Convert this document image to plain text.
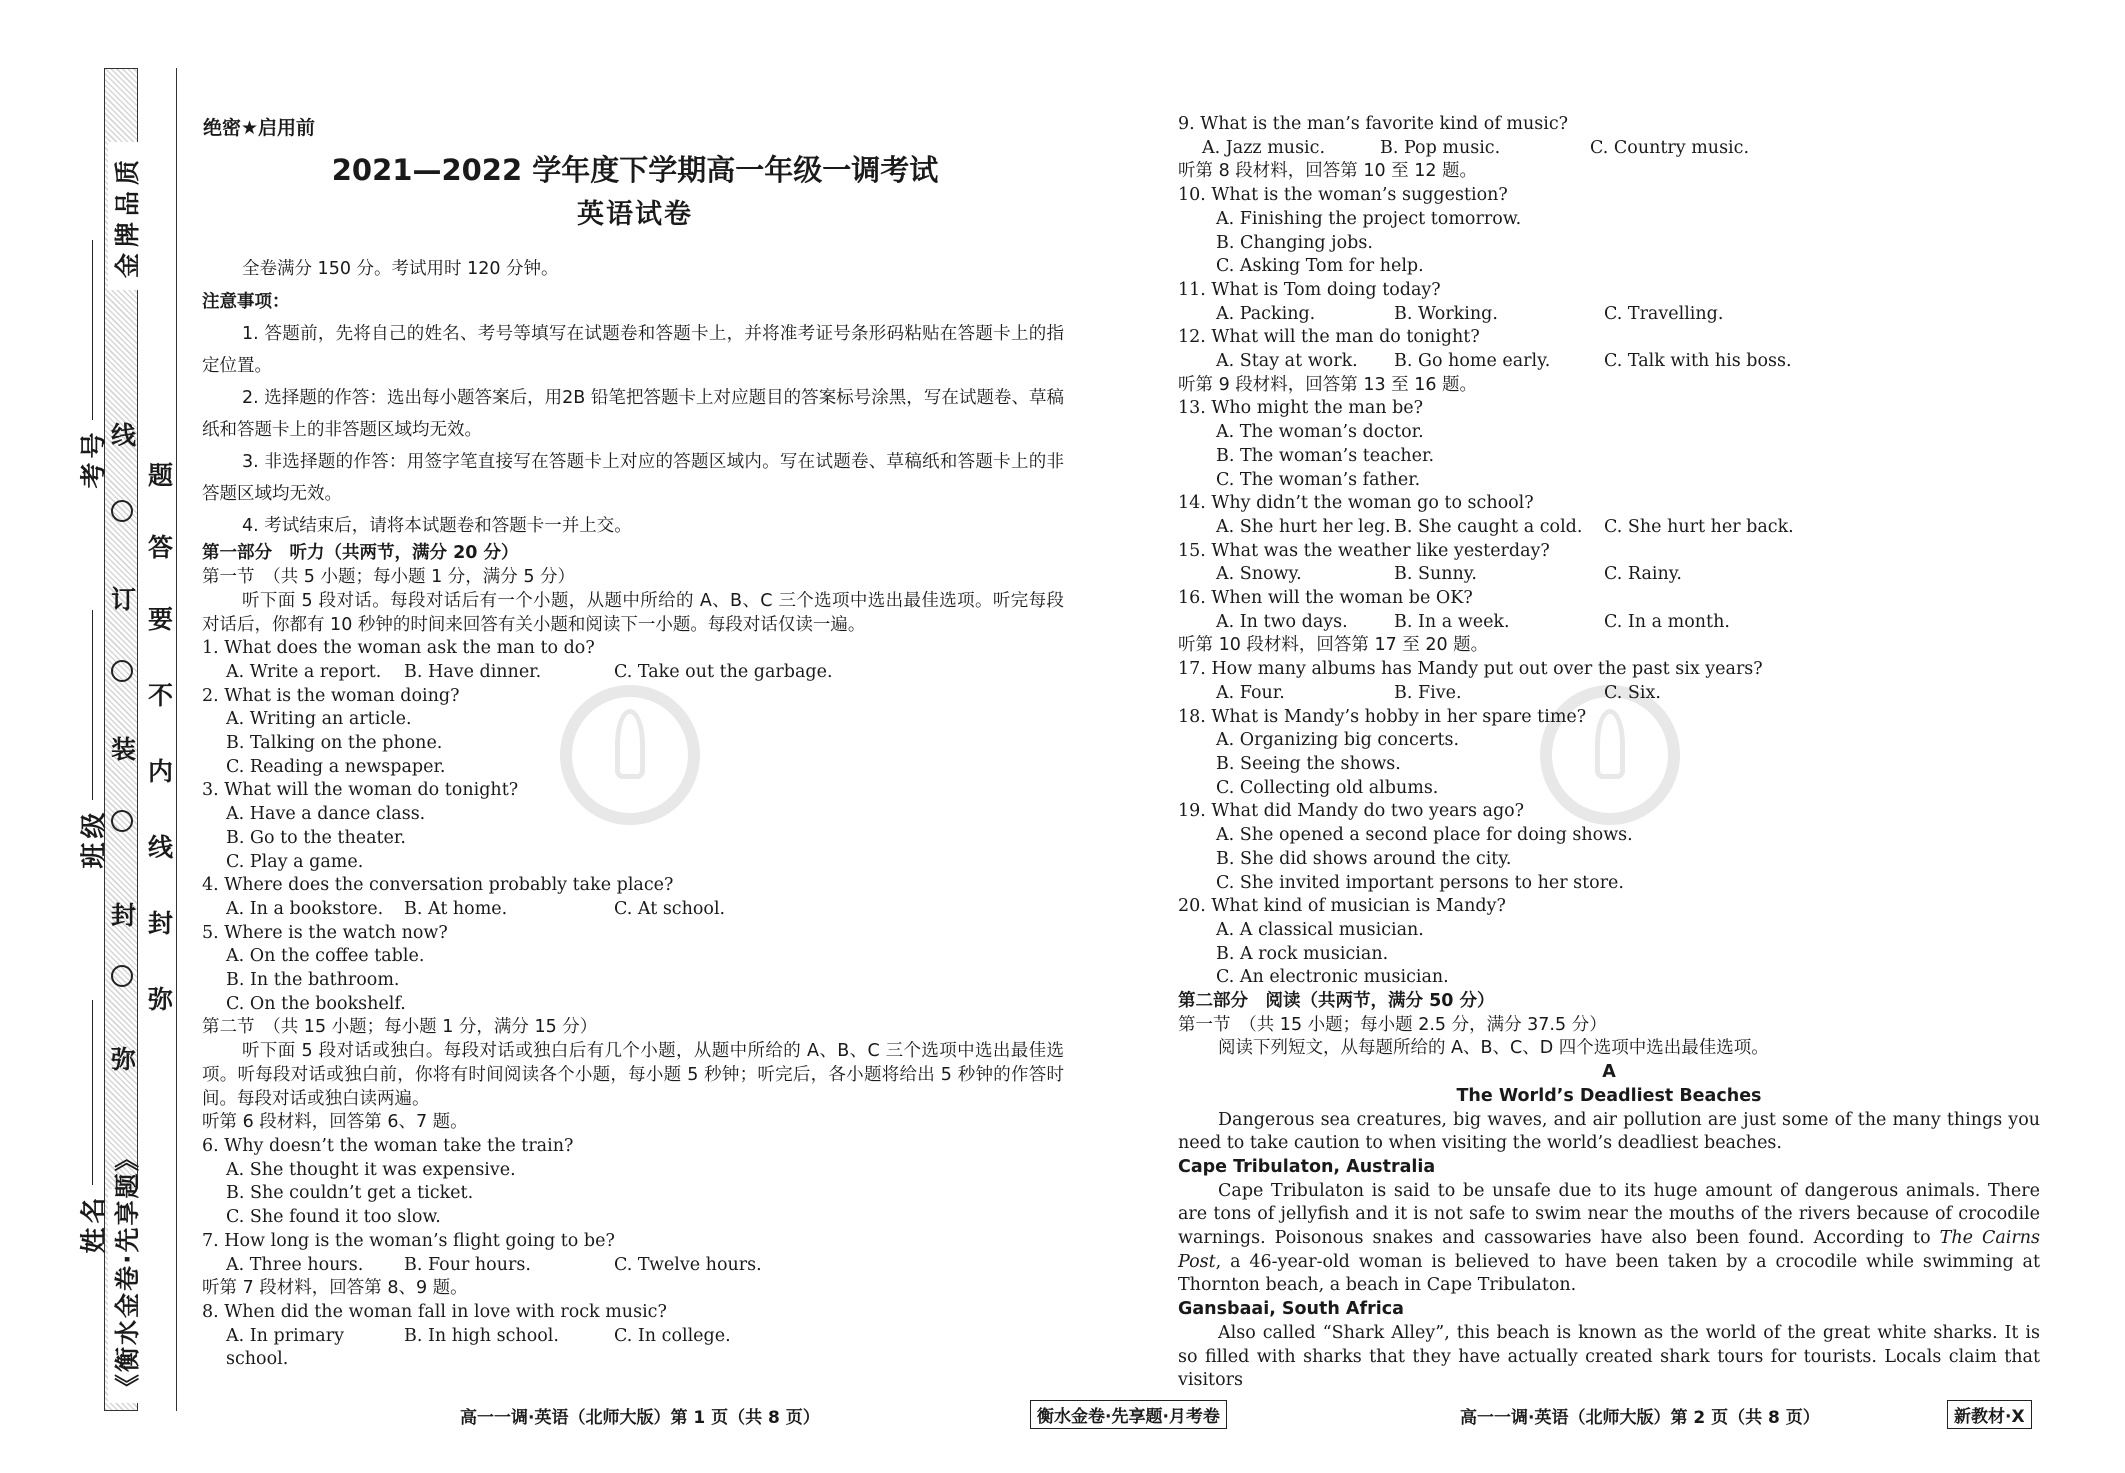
金牌品质
《衡水金卷·先享题》
线
订
装
封
弥
题
答
要
不
内
线
封
弥
考号
班级
姓名
绝密★启用前
2021—2022 学年度下学期高一年级一调考试
英语试卷

全卷满分 150 分。考试用时 120 分钟。

注意事项：

1. 答题前，先将自己的姓名、考号等填写在试题卷和答题卡上，并将准考证号条形码粘贴在答题卡上的指定位置。

2. 选择题的作答：选出每小题答案后，用2B 铅笔把答题卡上对应题目的答案标号涂黑，写在试题卷、草稿纸和答题卡上的非答题区域均无效。

3. 非选择题的作答：用签字笔直接写在答题卡上对应的答题区域内。写在试题卷、草稿纸和答题卡上的非答题区域均无效。

4. 考试结束后，请将本试题卷和答题卡一并上交。

第一部分　听力（共两节，满分 20 分）

第一节　（共 5 小题；每小题 1 分，满分 5 分）

听下面 5 段对话。每段对话后有一个小题，从题中所给的 A、B、C 三个选项中选出最佳选项。听完每段对话后，你都有 10 秒钟的时间来回答有关小题和阅读下一小题。每段对话仅读一遍。

1. What does the woman ask the man to do?

A. Write a report.	B. Have dinner.	C. Take out the garbage.

2. What is the woman doing?

A. Writing an article.

B. Talking on the phone.

C. Reading a newspaper.

3. What will the woman do tonight?

A. Have a dance class.

B. Go to the theater.

C. Play a game.

4. Where does the conversation probably take place?

A. In a bookstore.	B. At home.	C. At school.

5. Where is the watch now?

A. On the coffee table.

B. In the bathroom.

C. On the bookshelf.

第二节　（共 15 小题；每小题 1 分，满分 15 分）

听下面 5 段对话或独白。每段对话或独白后有几个小题，从题中所给的 A、B、C 三个选项中选出最佳选项。听每段对话或独白前，你将有时间阅读各个小题，每小题 5 秒钟；听完后，各小题将给出 5 秒钟的作答时间。每段对话或独白读两遍。

听第 6 段材料，回答第 6、7 题。

6. Why doesn’t the woman take the train?

A. She thought it was expensive.

B. She couldn’t get a ticket.

C. She found it too slow.

7. How long is the woman’s flight going to be?

A. Three hours.	B. Four hours.	C. Twelve hours.

听第 7 段材料，回答第 8、9 题。

8. When did the woman fall in love with rock music?

A. In primary school.
B. In high school.	C. In college.

9. What is the man’s favorite kind of music?

A. Jazz music.	B. Pop music.	C. Country music.

听第 8 段材料，回答第 10 至 12 题。

10. What is the woman’s suggestion?

A. Finishing the project tomorrow.

B. Changing jobs.

C. Asking Tom for help.

11. What is Tom doing today?

A. Packing.	B. Working.	C. Travelling.

12. What will the man do tonight?

A. Stay at work.	B. Go home early.	C. Talk with his boss.

听第 9 段材料，回答第 13 至 16 题。

13. Who might the man be?

A. The woman’s doctor.

B. The woman’s teacher.

C. The woman’s father.

14. Why didn’t the woman go to school?

A. She hurt her leg. B. She caught a cold.	C. She hurt her back.

15. What was the weather like yesterday?

A. Snowy.	B. Sunny.	C. Rainy.

16. When will the woman be OK?

A. In two days.	B. In a week.	C. In a month.

听第 10 段材料，回答第 17 至 20 题。

17. How many albums has Mandy put out over the past six years?

A. Four.	B. Five.	C. Six.

18. What is Mandy’s hobby in her spare time?

A. Organizing big concerts.

B. Seeing the shows.

C. Collecting old albums.

19. What did Mandy do two years ago?

A. She opened a second place for doing shows.

B. She did shows around the city.

C. She invited important persons to her store.

20. What kind of musician is Mandy?

A. A classical musician.

B. A rock musician.

C. An electronic musician.

第二部分　阅读（共两节，满分 50 分）

第一节　（共 15 小题；每小题 2.5 分，满分 37.5 分）

阅读下列短文，从每题所给的 A、B、C、D 四个选项中选出最佳选项。

A

The World’s Deadliest Beaches

Dangerous sea creatures, big waves, and air pollution are just some of the many things you need to take caution to when visiting the world’s deadliest beaches.

Cape Tribulaton, Australia

Cape Tribulaton is said to be unsafe due to its huge amount of dangerous animals. There are tons of jellyfish and it is not safe to swim near the mouths of the rivers because of crocodile warnings. Poisonous snakes and cassowaries have also been found. According to The Cairns Post, a 46-year-old woman is believed to have been taken by a crocodile while swimming at Thornton beach, a beach in Cape Tribulaton.

Gansbaai, South Africa

Also called “Shark Alley”, this beach is known as the world of the great white sharks. It is so filled with sharks that they have actually created shark tours for tourists. Locals claim that visitors

高一一调·英语（北师大版）第 1 页（共 8 页）	衡水金卷·先享题·月考卷	高一一调·英语（北师大版）第 2 页（共 8 页）	新教材·X
